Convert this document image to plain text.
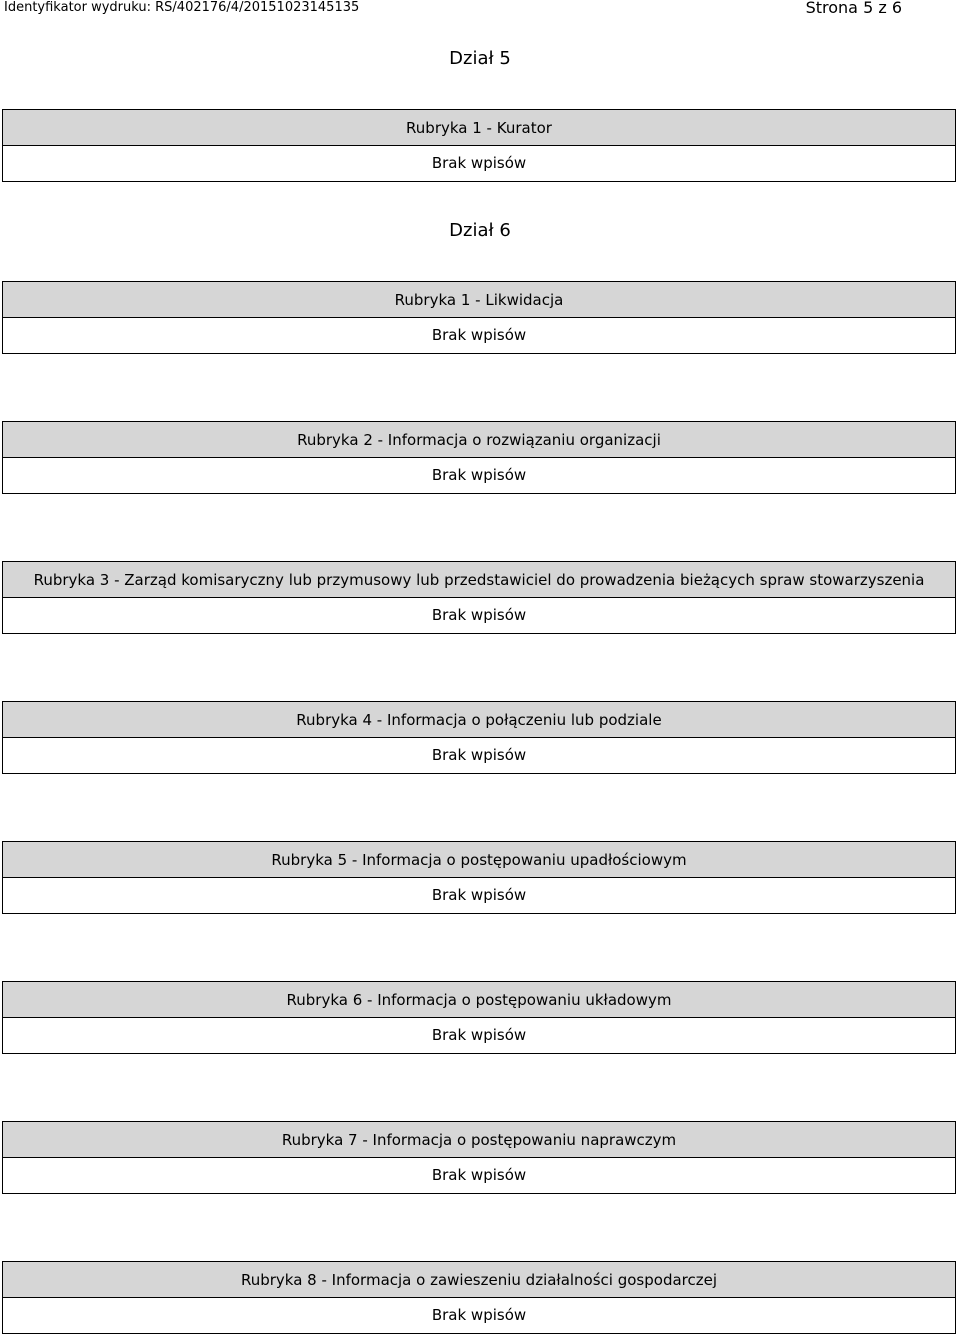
Identyfikator wydruku: RS/402176/4/20151023145135	Strona 5 z 6
Dział 5
Rubryka 1 - Kurator
Brak wpisów
Dział 6
Rubryka 1 - Likwidacja
Brak wpisów
Rubryka 2 - Informacja o rozwiązaniu organizacji
Brak wpisów
Rubryka 3 - Zarząd komisaryczny lub przymusowy lub przedstawiciel do prowadzenia bieżących spraw stowarzyszenia
Brak wpisów
Rubryka 4 - Informacja o połączeniu lub podziale
Brak wpisów
Rubryka 5 - Informacja o postępowaniu upadłościowym
Brak wpisów
Rubryka 6 - Informacja o postępowaniu układowym
Brak wpisów
Rubryka 7 - Informacja o postępowaniu naprawczym
Brak wpisów
Rubryka 8 - Informacja o zawieszeniu działalności gospodarczej
Brak wpisów
